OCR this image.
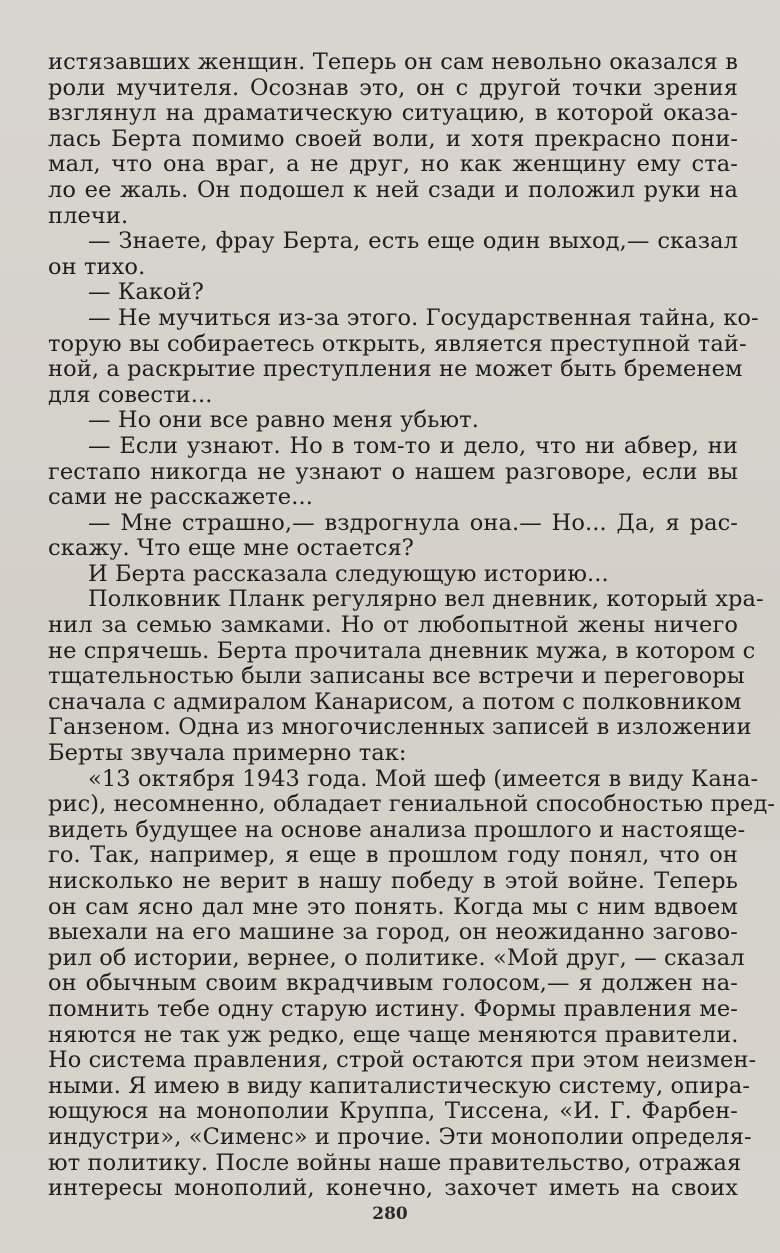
истязавших женщин. Теперь он сам невольно оказался в
роли мучителя. Осознав это, он с другой точки зрения
взглянул на драматическую ситуацию, в которой оказа-
лась Берта помимо своей воли, и хотя прекрасно пони-
мал, что она враг, а не друг, но как женщину ему ста-
ло ее жаль. Он подошел к ней сзади и положил руки на
плечи.
— Знаете, фрау Берта, есть еще один выход,— сказал
он тихо.
— Какой?
— Не мучиться из-за этого. Государственная тайна, ко-
торую вы собираетесь открыть, является преступной тай-
ной, а раскрытие преступления не может быть бременем
для совести...
— Но они все равно меня убьют.
— Если узнают. Но в том-то и дело, что ни абвер, ни
гестапо никогда не узнают о нашем разговоре, если вы
сами не расскажете...
— Мне страшно,— вздрогнула она.— Но... Да, я рас-
скажу. Что еще мне остается?
И Берта рассказала следующую историю...
Полковник Планк регулярно вел дневник, который хра-
нил за семью замками. Но от любопытной жены ничего
не спрячешь. Берта прочитала дневник мужа, в котором с
тщательностью были записаны все встречи и переговоры
сначала с адмиралом Канарисом, а потом с полковником
Ганзеном. Одна из многочисленных записей в изложении
Берты звучала примерно так:
«13 октября 1943 года. Мой шеф (имеется в виду Кана-
рис), несомненно, обладает гениальной способностью пред-
видеть будущее на основе анализа прошлого и настояще-
го. Так, например, я еще в прошлом году понял, что он
нисколько не верит в нашу победу в этой войне. Теперь
он сам ясно дал мне это понять. Когда мы с ним вдвоем
выехали на его машине за город, он неожиданно загово-
рил об истории, вернее, о политике. «Мой друг, — сказал
он обычным своим вкрадчивым голосом,— я должен на-
помнить тебе одну старую истину. Формы правления ме-
няются не так уж редко, еще чаще меняются правители.
Но система правления, строй остаются при этом неизмен-
ными. Я имею в виду капиталистическую систему, опира-
ющуюся на монополии Круппа, Тиссена, «И. Г. Фарбен-
индустри», «Сименс» и прочие. Эти монополии определя-
ют политику. После войны наше правительство, отражая
интересы монополий, конечно, захочет иметь на своих
280
